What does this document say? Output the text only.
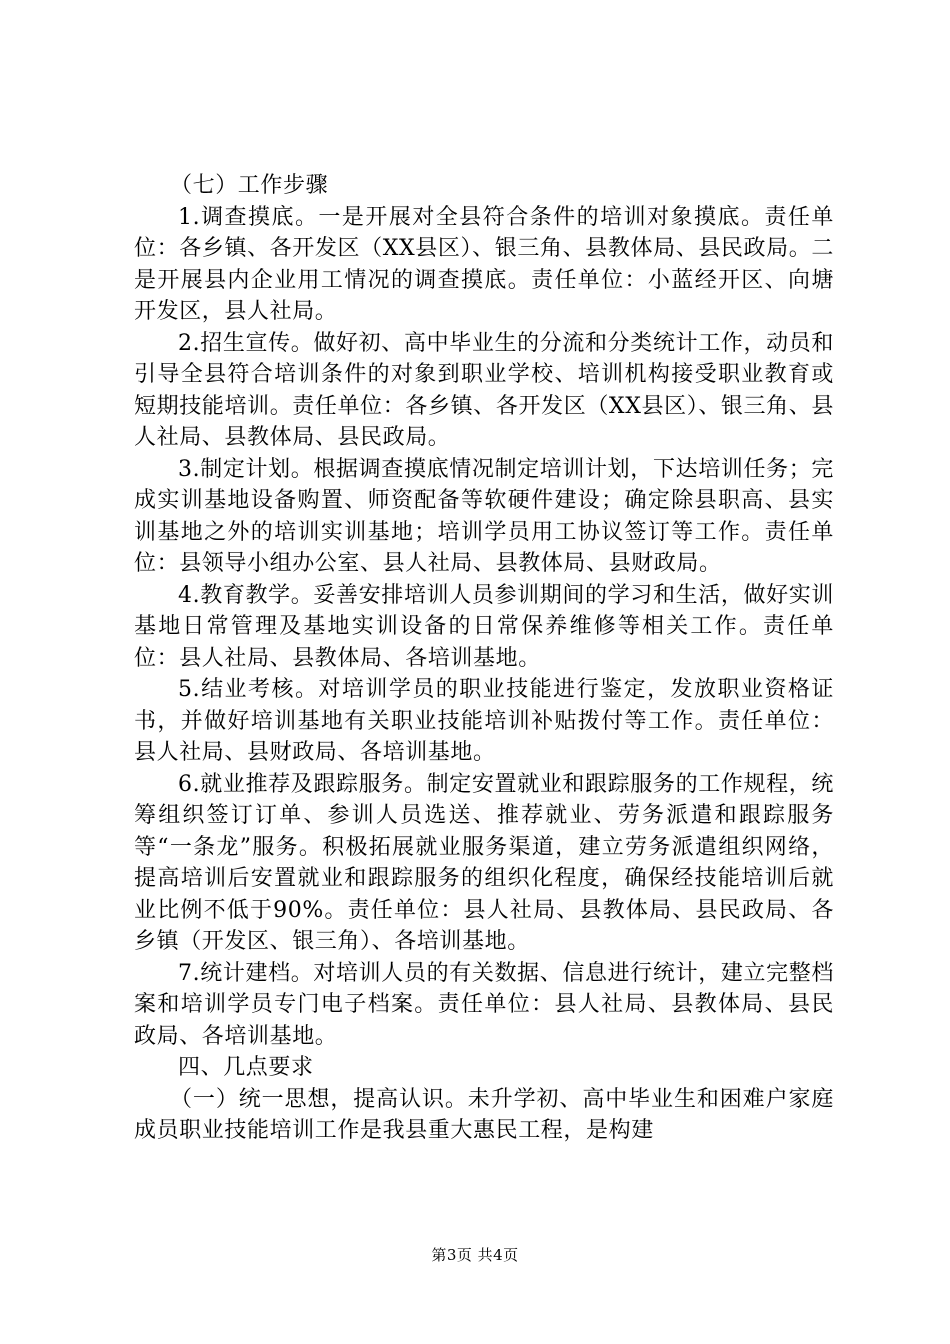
（七）工作步骤

1.调查摸底。一是开展对全县符合条件的培训对象摸底。责任单位：各乡镇、各开发区（XX县区）、银三角、县教体局、县民政局。二是开展县内企业用工情况的调查摸底。责任单位：小蓝经开区、向塘开发区，县人社局。

2.招生宣传。做好初、高中毕业生的分流和分类统计工作，动员和引导全县符合培训条件的对象到职业学校、培训机构接受职业教育或短期技能培训。责任单位：各乡镇、各开发区（XX县区）、银三角、县人社局、县教体局、县民政局。

3.制定计划。根据调查摸底情况制定培训计划，下达培训任务；完成实训基地设备购置、师资配备等软硬件建设；确定除县职高、县实训基地之外的培训实训基地；培训学员用工协议签订等工作。责任单位：县领导小组办公室、县人社局、县教体局、县财政局。

4.教育教学。妥善安排培训人员参训期间的学习和生活，做好实训基地日常管理及基地实训设备的日常保养维修等相关工作。责任单位：县人社局、县教体局、各培训基地。

5.结业考核。对培训学员的职业技能进行鉴定，发放职业资格证书，并做好培训基地有关职业技能培训补贴拨付等工作。责任单位：县人社局、县财政局、各培训基地。

6.就业推荐及跟踪服务。制定安置就业和跟踪服务的工作规程，统筹组织签订订单、参训人员选送、推荐就业、劳务派遣和跟踪服务等“一条龙”服务。积极拓展就业服务渠道，建立劳务派遣组织网络，提高培训后安置就业和跟踪服务的组织化程度，确保经技能培训后就业比例不低于90%。责任单位：县人社局、县教体局、县民政局、各乡镇（开发区、银三角）、各培训基地。

7.统计建档。对培训人员的有关数据、信息进行统计，建立完整档案和培训学员专门电子档案。责任单位：县人社局、县教体局、县民政局、各培训基地。

四、几点要求

（一）统一思想，提高认识。未升学初、高中毕业生和困难户家庭成员职业技能培训工作是我县重大惠民工程，是构建

第3页 共4页
